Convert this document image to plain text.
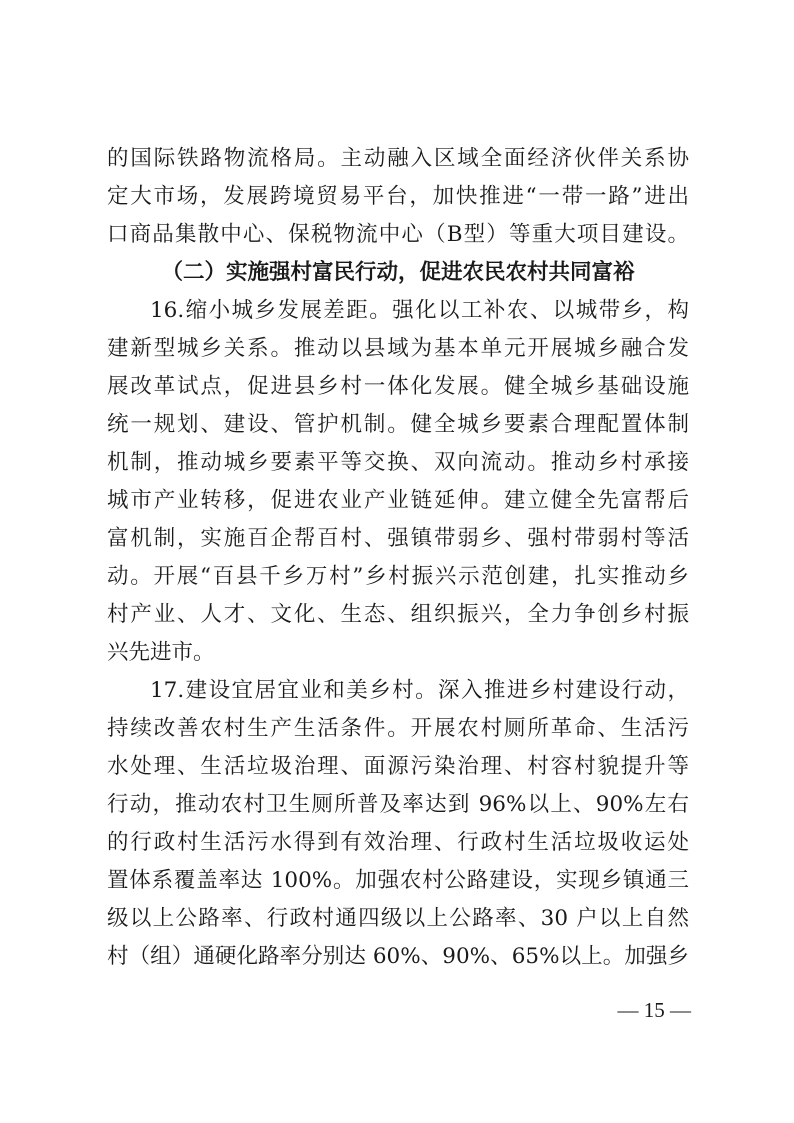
的国际铁路物流格局。主动融入区域全面经济伙伴关系协
定大市场，发展跨境贸易平台，加快推进“一带一路”进出
口商品集散中心、保税物流中心（B型）等重大项目建设。
（二）实施强村富民行动，促进农民农村共同富裕
16.缩小城乡发展差距。强化以工补农、以城带乡，构
建新型城乡关系。推动以县域为基本单元开展城乡融合发
展改革试点，促进县乡村一体化发展。健全城乡基础设施
统一规划、建设、管护机制。健全城乡要素合理配置体制
机制，推动城乡要素平等交换、双向流动。推动乡村承接
城市产业转移，促进农业产业链延伸。建立健全先富帮后
富机制，实施百企帮百村、强镇带弱乡、强村带弱村等活
动。开展“百县千乡万村”乡村振兴示范创建，扎实推动乡
村产业、人才、文化、生态、组织振兴，全力争创乡村振
兴先进市。
17.建设宜居宜业和美乡村。深入推进乡村建设行动，
持续改善农村生产生活条件。开展农村厕所革命、生活污
水处理、生活垃圾治理、面源污染治理、村容村貌提升等
行动，推动农村卫生厕所普及率达到 96%以上、90%左右
的行政村生活污水得到有效治理、行政村生活垃圾收运处
置体系覆盖率达 100%。加强农村公路建设，实现乡镇通三
级以上公路率、行政村通四级以上公路率、30 户以上自然
村（组）通硬化路率分别达 60%、90%、65%以上。加强乡
— 15 —
